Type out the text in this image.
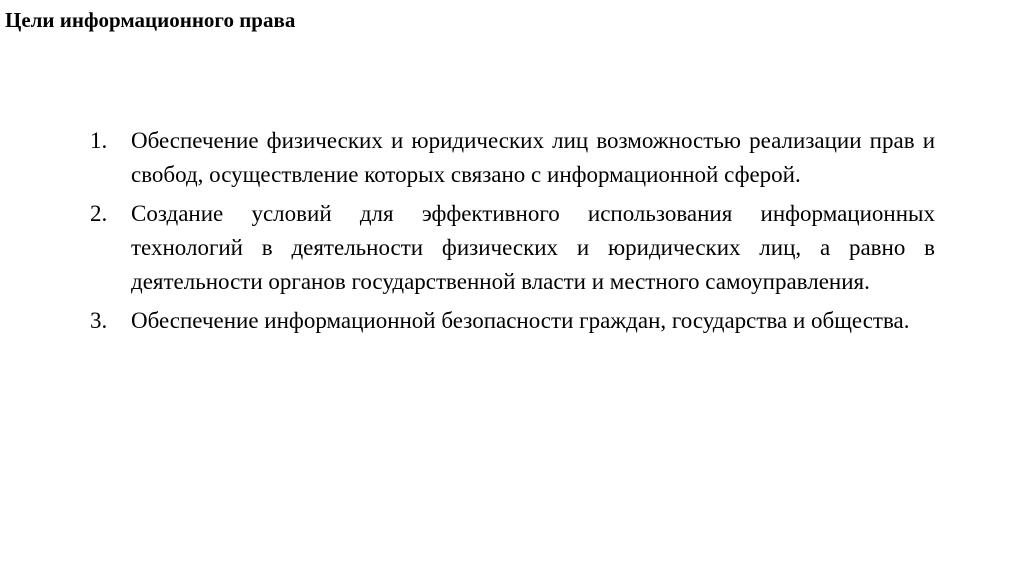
Цели информационного права
1.	Обеспечение физических и юридических лиц возможностью реализации прав и свобод, осуществление которых связано с информационной сферой.
2.	Создание условий для эффективного использования информационных технологий в деятельности физических и юридических лиц, а равно в деятельности органов государственной власти и местного самоуправления.
3.	Обеспечение информационной безопасности граждан, государства и общества.
